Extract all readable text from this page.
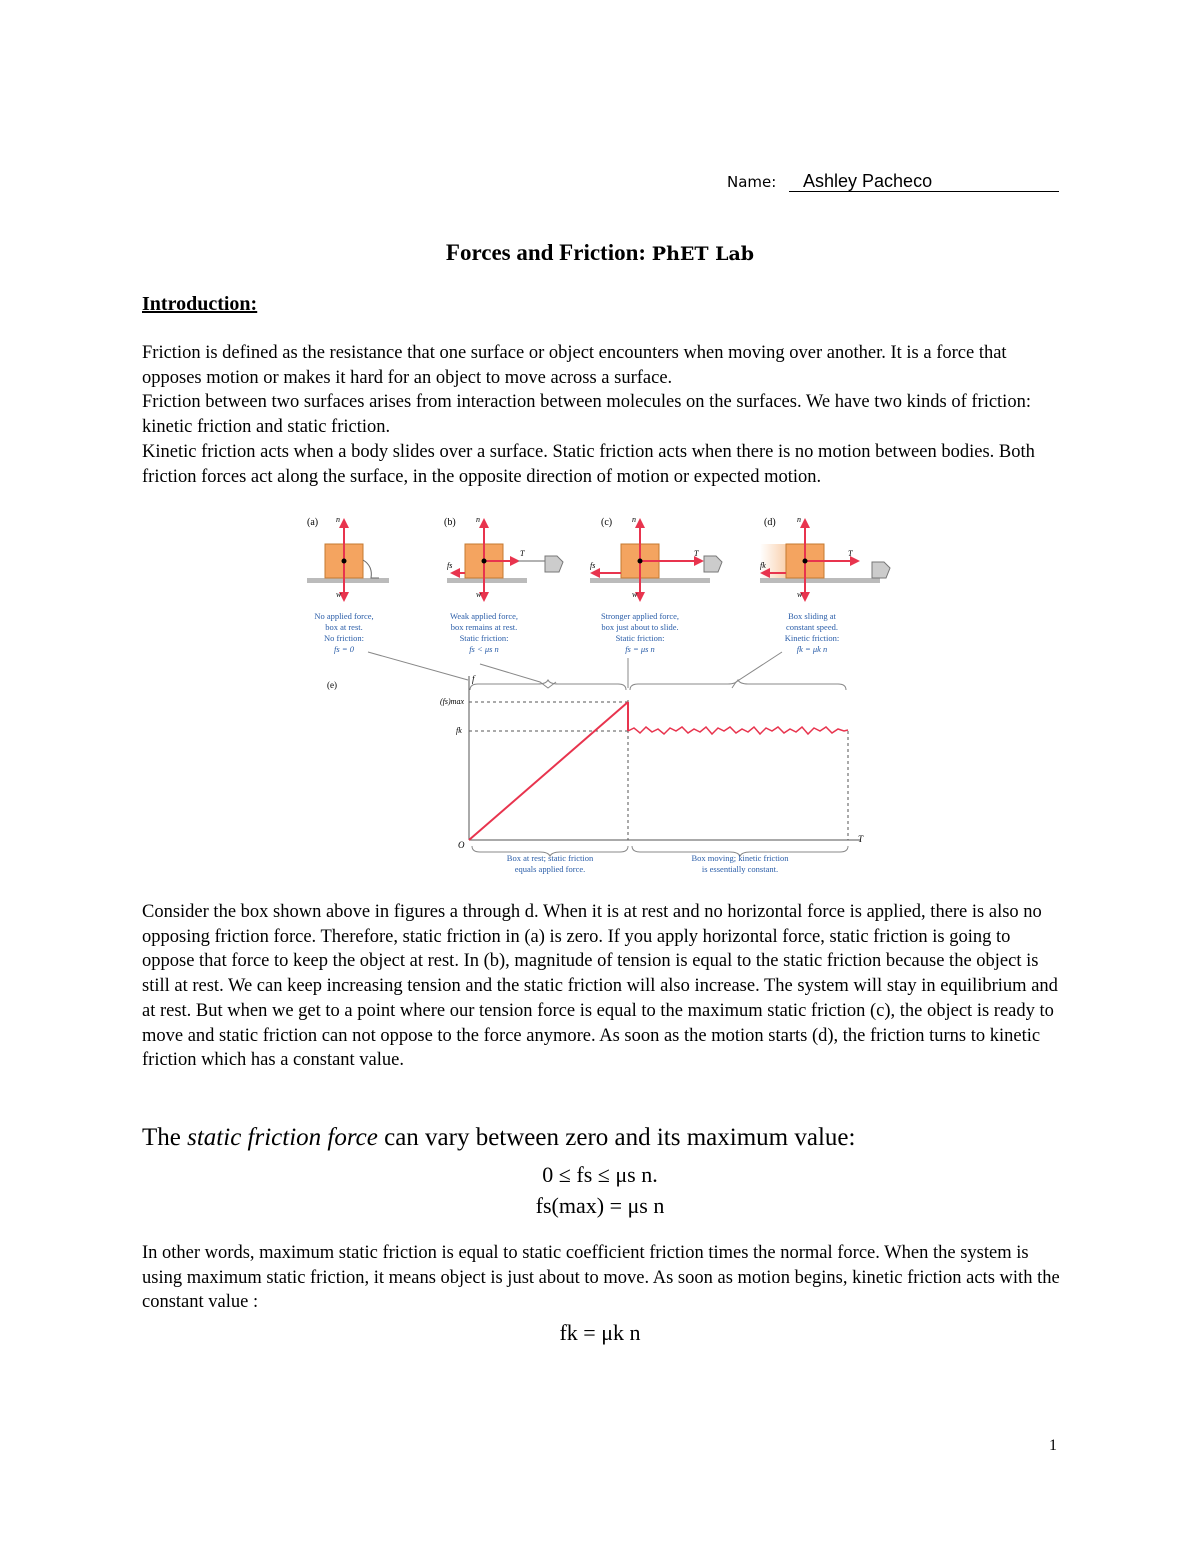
Name:	Ashley Pacheco
Forces and Friction: PhET Lab
Introduction:

Friction is defined as the resistance that one surface or object encounters when moving over another. It is a force that opposes motion or makes it hard for an object to move across a surface.
Friction between two surfaces arises from interaction between molecules on the surfaces. We have two kinds of friction: kinetic friction and static friction.
Kinetic friction acts when a body slides over a surface. Static friction acts when there is no motion between bodies. Both friction forces act along the surface, in the opposite direction of motion or expected motion.

(a) n
w
(b)	n
w
T
fs
(c) n
w
T
fs
(d)	n
w
T
fk
No applied force,
box at rest.
No friction:
fs = 0
Weak applied force,
box remains at rest.
Static friction:
fs < μs n
Stronger applied force,
box just about to slide.
Static friction:
fs = μs n
Box sliding at
constant speed.
Kinetic friction:
fk = μk n
(e)
f
T
O
(fs)max
fk
Box at rest; static friction
equals applied force.
Box moving; kinetic friction
is essentially constant.

Consider the box shown above in figures a through d. When it is at rest and no horizontal force is applied, there is also no opposing friction force. Therefore, static friction in (a) is zero. If you apply horizontal force, static friction is going to oppose that force to keep the object at rest. In (b), magnitude of tension is equal to the static friction because the object is still at rest. We can keep increasing tension and the static friction will also increase. The system will stay in equilibrium and at rest. But when we get to a point where our tension force is equal to the maximum static friction (c), the object is ready to move and static friction can not oppose to the force anymore. As soon as the motion starts (d), the friction turns to kinetic friction which has a constant value.

The static friction force can vary between zero and its maximum value:
0 ≤ fs ≤ μs n.
fs(max) = μs n

In other words, maximum static friction is equal to static coefficient friction times the normal force. When the system is using maximum static friction, it means object is just about to move. As soon as motion begins, kinetic friction acts with the constant value :

fk = μk n
1
